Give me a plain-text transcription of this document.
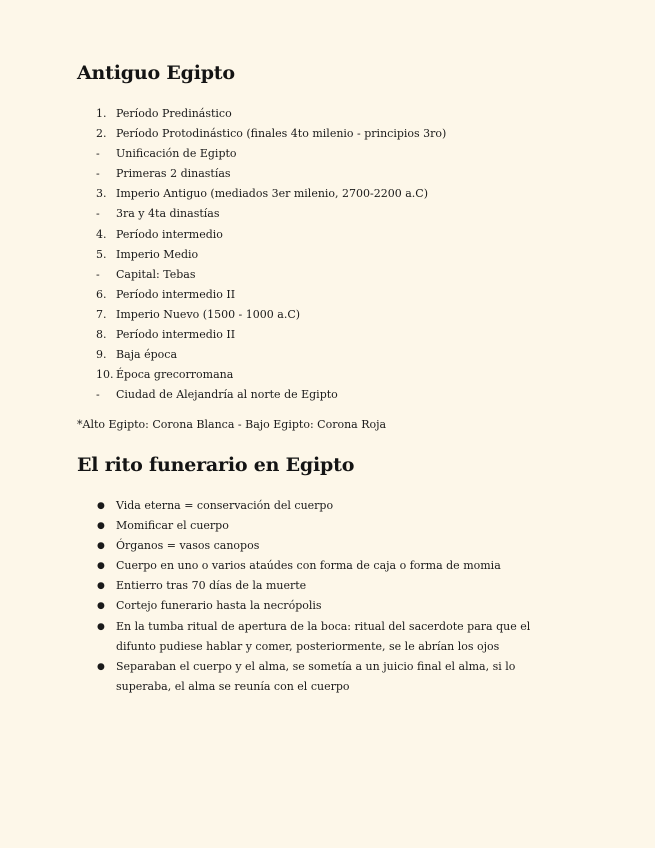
Antiguo Egipto
1. Período Predinástico
2. Período Protodinástico (finales 4to milenio - principios 3ro)
- Unificación de Egipto
- Primeras 2 dinastías
3. Imperio Antiguo (mediados 3er milenio, 2700-2200 a.C)
- 3ra y 4ta dinastías
4. Período intermedio
5. Imperio Medio
- Capital: Tebas
6. Período intermedio II
7. Imperio Nuevo (1500 - 1000 a.C)
8. Período intermedio II
9. Baja época
10. Época grecorromana
- Ciudad de Alejandría al norte de Egipto

*Alto Egipto: Corona Blanca - Bajo Egipto: Corona Roja

El rito funerario en Egipto
● Vida eterna = conservación del cuerpo
● Momificar el cuerpo
● Órganos = vasos canopos
● Cuerpo en uno o varios ataúdes con forma de caja o forma de momia
● Entierro tras 70 días de la muerte
● Cortejo funerario hasta la necrópolis
● En la tumba ritual de apertura de la boca: ritual del sacerdote para que el difunto pudiese hablar y comer, posteriormente, se le abrían los ojos
● Separaban el cuerpo y el alma, se sometía a un juicio final el alma, si lo superaba, el alma se reunía con el cuerpo
